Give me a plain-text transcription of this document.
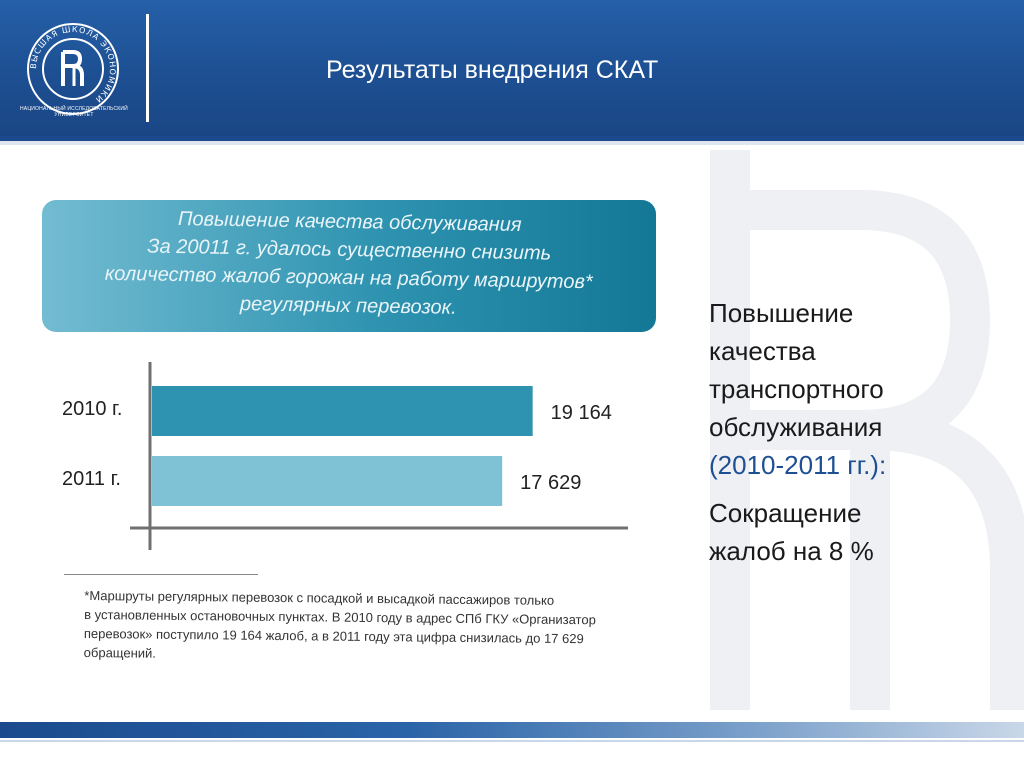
ВЫСШАЯ ШКОЛА ЭКОНОМИКИ
НАЦИОНАЛЬНЫЙ ИССЛЕДОВАТЕЛЬСКИЙ
УНИВЕРСИТЕТ
Результаты внедрения СКАТ
Повышение качества обслуживания
За 20011 г. удалось существенно снизить
количество жалоб горожан на работу маршрутов*
регулярных перевозок.
2010 г.	19 164
2011 г.	17 629
*Маршруты регулярных перевозок с посадкой и высадкой пассажиров только
в установленных остановочных пунктах. В 2010 году в адрес СПб ГКУ «Организатор
перевозок» поступило 19 164 жалоб, а в 2011 году эта цифра снизилась до 17 629
обращений.
Повышение
качества
транспортного
обслуживания
(2010-2011 гг.):
Сокращение
жалоб на 8 %
